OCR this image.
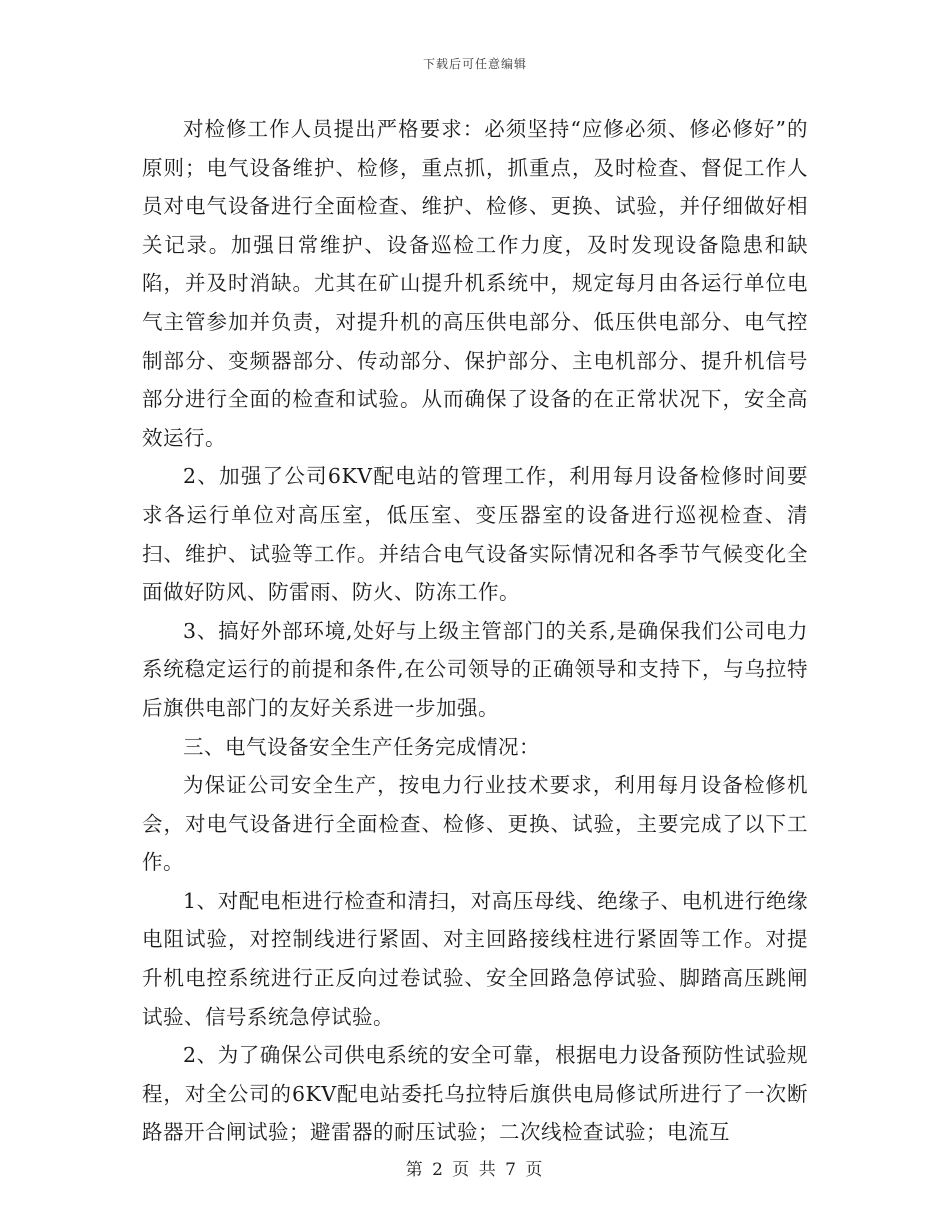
下载后可任意编辑

对检修工作人员提出严格要求：必须坚持“应修必须、修必修好”的原则；电气设备维护、检修，重点抓，抓重点，及时检查、督促工作人员对电气设备进行全面检查、维护、检修、更换、试验，并仔细做好相关记录。加强日常维护、设备巡检工作力度，及时发现设备隐患和缺陷，并及时消缺。尤其在矿山提升机系统中，规定每月由各运行单位电气主管参加并负责，对提升机的高压供电部分、低压供电部分、电气控制部分、变频器部分、传动部分、保护部分、主电机部分、提升机信号部分进行全面的检查和试验。从而确保了设备的在正常状况下，安全高效运行。

2、加强了公司6KV配电站的管理工作，利用每月设备检修时间要求各运行单位对高压室，低压室、变压器室的设备进行巡视检查、清扫、维护、试验等工作。并结合电气设备实际情况和各季节气候变化全面做好防风、防雷雨、防火、防冻工作。

3、搞好外部环境,处好与上级主管部门的关系,是确保我们公司电力系统稳定运行的前提和条件,在公司领导的正确领导和支持下，与乌拉特后旗供电部门的友好关系进一步加强。

三、电气设备安全生产任务完成情况：

为保证公司安全生产，按电力行业技术要求，利用每月设备检修机会，对电气设备进行全面检查、检修、更换、试验，主要完成了以下工作。

1、对配电柜进行检查和清扫，对高压母线、绝缘子、电机进行绝缘电阻试验，对控制线进行紧固、对主回路接线柱进行紧固等工作。对提升机电控系统进行正反向过卷试验、安全回路急停试验、脚踏高压跳闸试验、信号系统急停试验。

2、为了确保公司供电系统的安全可靠，根据电力设备预防性试验规程，对全公司的6KV配电站委托乌拉特后旗供电局修试所进行了一次断路器开合闸试验；避雷器的耐压试验；二次线检查试验；电流互

第 2 页 共 7 页
